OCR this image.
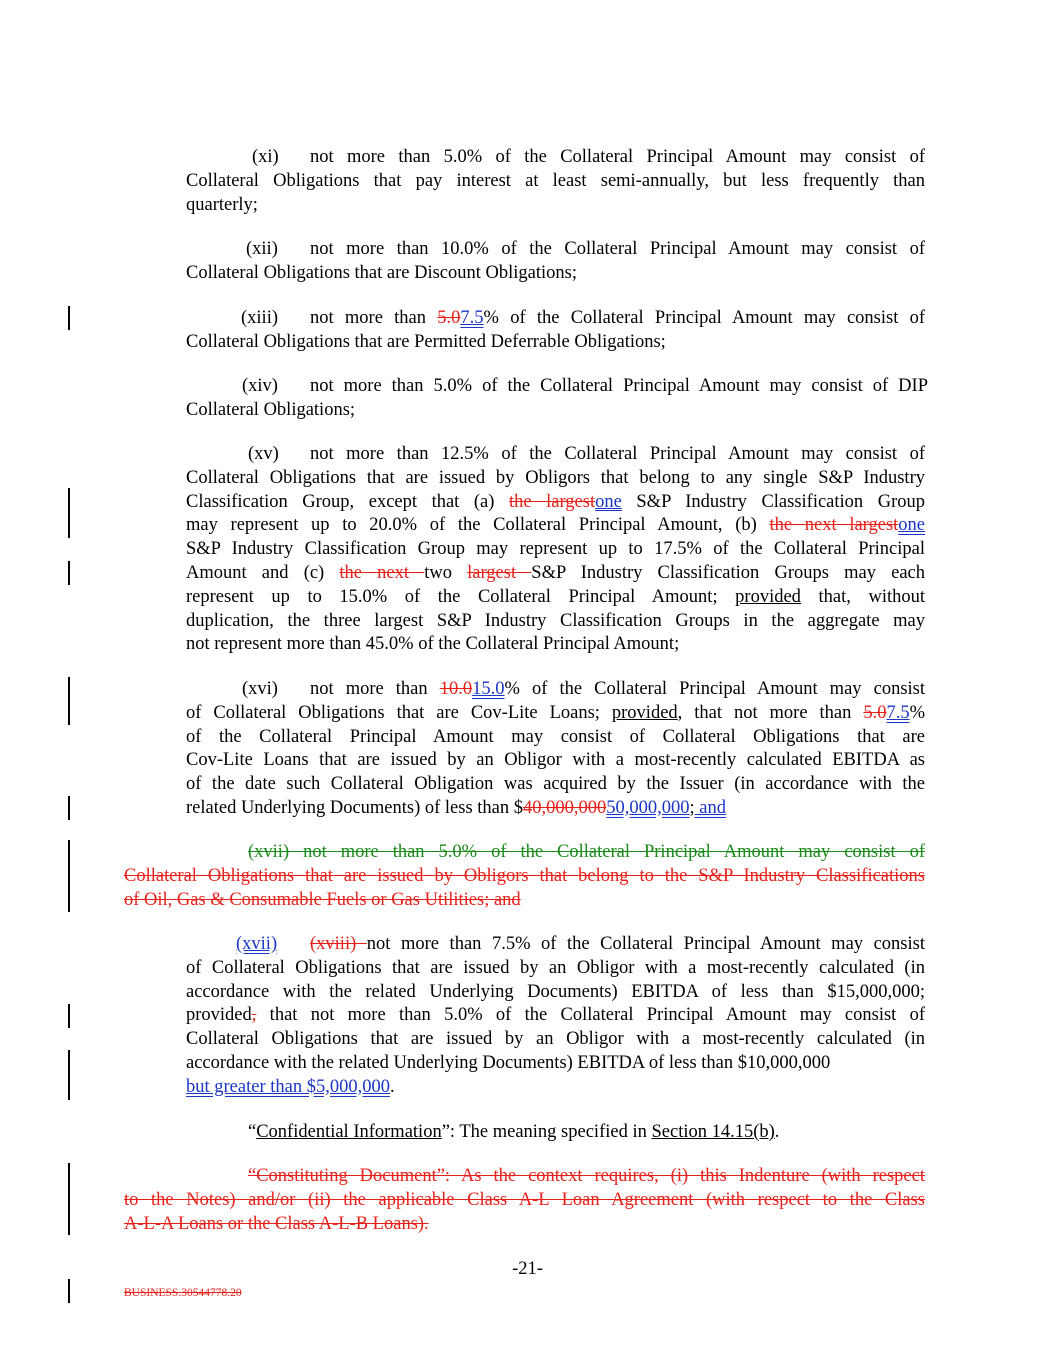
(xi) not more than 5.0% of the Collateral Principal Amount may consist of
Collateral Obligations that pay interest at least semi-annually, but less frequently than
quarterly;
(xii) not more than 10.0% of the Collateral Principal Amount may consist of
Collateral Obligations that are Discount Obligations;
(xiii) not more than 5.07.5% of the Collateral Principal Amount may consist of
Collateral Obligations that are Permitted Deferrable Obligations;
(xiv) not more than 5.0% of the Collateral Principal Amount may consist of DIP
Collateral Obligations;
(xv) not more than 12.5% of the Collateral Principal Amount may consist of
Collateral Obligations that are issued by Obligors that belong to any single S&P Industry
Classification Group, except that (a) the largestone S&P Industry Classification Group
may represent up to 20.0% of the Collateral Principal Amount, (b) the next largestone
S&P Industry Classification Group may represent up to 17.5% of the Collateral Principal
Amount and (c) the next two largest S&P Industry Classification Groups may each
represent up to 15.0% of the Collateral Principal Amount; provided that, without
duplication, the three largest S&P Industry Classification Groups in the aggregate may
not represent more than 45.0% of the Collateral Principal Amount;
(xvi) not more than 10.015.0% of the Collateral Principal Amount may consist
of Collateral Obligations that are Cov-Lite Loans; provided, that not more than 5.07.5%
of the Collateral Principal Amount may consist of Collateral Obligations that are
Cov-Lite Loans that are issued by an Obligor with a most-recently calculated EBITDA as
of the date such Collateral Obligation was acquired by the Issuer (in accordance with the
related Underlying Documents) of less than $40,000,00050,000,000; and
(xvii) not more than 5.0% of the Collateral Principal Amount may consist of
Collateral Obligations that are issued by Obligors that belong to the S&P Industry Classifications
of Oil, Gas & Consumable Fuels or Gas Utilities; and
(xvii) (xviii) not more than 7.5% of the Collateral Principal Amount may consist
of Collateral Obligations that are issued by an Obligor with a most-recently calculated (in
accordance with the related Underlying Documents) EBITDA of less than $15,000,000;
provided, that not more than 5.0% of the Collateral Principal Amount may consist of
Collateral Obligations that are issued by an Obligor with a most-recently calculated (in
accordance with the related Underlying Documents) EBITDA of less than $10,000,000
but greater than $5,000,000.
“Confidential Information”: The meaning specified in Section 14.15(b).
“Constituting Document”: As the context requires, (i) this Indenture (with respect
to the Notes) and/or (ii) the applicable Class A-L Loan Agreement (with respect to the Class
A-L-A Loans or the Class A-L-B Loans).
-21-
BUSINESS.30544778.20
